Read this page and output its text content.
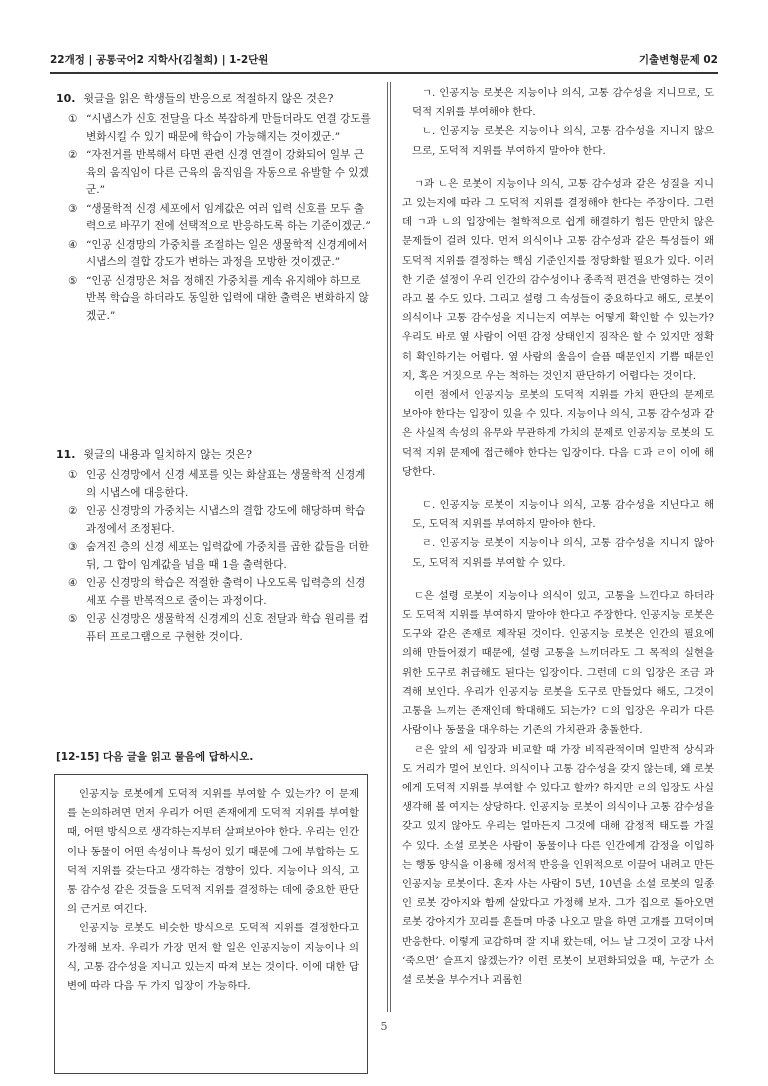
22개정 | 공통국어2 지학사(김철희) | 1-2단원	기출변형문제 02
10. 윗글을 읽은 학생들의 반응으로 적절하지 않은 것은?
① “시냅스가 신호 전달을 다소 복잡하게 만들더라도 연결 강도를 변화시킬 수 있기 때문에 학습이 가능해지는 것이겠군.”
② “자전거를 반복해서 타면 관련 신경 연결이 강화되어 일부 근육의 움직임이 다른 근육의 움직임을 자동으로 유발할 수 있겠군.”
③ “생물학적 신경 세포에서 임계값은 여러 입력 신호를 모두 출력으로 바꾸기 전에 선택적으로 반응하도록 하는 기준이겠군.”
④ “인공 신경망의 가중치를 조절하는 일은 생물학적 신경계에서 시냅스의 결합 강도가 변하는 과정을 모방한 것이겠군.”
⑤ “인공 신경망은 처음 정해진 가중치를 계속 유지해야 하므로 반복 학습을 하더라도 동일한 입력에 대한 출력은 변화하지 않겠군.”
11. 윗글의 내용과 일치하지 않는 것은?
① 인공 신경망에서 신경 세포를 잇는 화살표는 생물학적 신경계의 시냅스에 대응한다.
② 인공 신경망의 가중치는 시냅스의 결합 강도에 해당하며 학습 과정에서 조정된다.
③ 숨겨진 층의 신경 세포는 입력값에 가중치를 곱한 값들을 더한 뒤, 그 합이 임계값을 넘을 때 1을 출력한다.
④ 인공 신경망의 학습은 적절한 출력이 나오도록 입력층의 신경 세포 수를 반복적으로 줄이는 과정이다.
⑤ 인공 신경망은 생물학적 신경계의 신호 전달과 학습 원리를 컴퓨터 프로그램으로 구현한 것이다.
[12-15] 다음 글을 읽고 물음에 답하시오.

인공지능 로봇에게 도덕적 지위를 부여할 수 있는가? 이 문제를 논의하려면 먼저 우리가 어떤 존재에게 도덕적 지위를 부여할 때, 어떤 방식으로 생각하는지부터 살펴보아야 한다. 우리는 인간이나 동물이 어떤 속성이나 특성이 있기 때문에 그에 부합하는 도덕적 지위를 갖는다고 생각하는 경향이 있다. 지능이나 의식, 고통 감수성 같은 것들을 도덕적 지위를 결정하는 데에 중요한 판단의 근거로 여긴다.

인공지능 로봇도 비슷한 방식으로 도덕적 지위를 결정한다고 가정해 보자. 우리가 가장 먼저 할 일은 인공지능이 지능이나 의식, 고통 감수성을 지니고 있는지 따져 보는 것이다. 이에 대한 답변에 따라 다음 두 가지 입장이 가능하다.

ㄱ. 인공지능 로봇은 지능이나 의식, 고통 감수성을 지니므로, 도덕적 지위를 부여해야 한다.

ㄴ. 인공지능 로봇은 지능이나 의식, 고통 감수성을 지니지 않으므로, 도덕적 지위를 부여하지 말아야 한다.

ㄱ과 ㄴ은 로봇이 지능이나 의식, 고통 감수성과 같은 성질을 지니고 있는지에 따라 그 도덕적 지위를 결정해야 한다는 주장이다. 그런데 ㄱ과 ㄴ의 입장에는 철학적으로 쉽게 해결하기 힘든 만만치 않은 문제들이 걸려 있다. 먼저 의식이나 고통 감수성과 같은 특성들이 왜 도덕적 지위를 결정하는 핵심 기준인지를 정당화할 필요가 있다. 이러한 기준 설정이 우리 인간의 감수성이나 종족적 편견을 반영하는 것이라고 볼 수도 있다. 그리고 설령 그 속성들이 중요하다고 해도, 로봇이 의식이나 고통 감수성을 지니는지 여부는 어떻게 확인할 수 있는가? 우리도 바로 옆 사람이 어떤 감정 상태인지 짐작은 할 수 있지만 정확히 확인하기는 어렵다. 옆 사람의 울음이 슬픔 때문인지 기쁨 때문인지, 혹은 거짓으로 우는 척하는 것인지 판단하기 어렵다는 것이다.

이런 점에서 인공지능 로봇의 도덕적 지위를 가치 판단의 문제로 보아야 한다는 입장이 있을 수 있다. 지능이나 의식, 고통 감수성과 같은 사실적 속성의 유무와 무관하게 가치의 문제로 인공지능 로봇의 도덕적 지위 문제에 접근해야 한다는 입장이다. 다음 ㄷ과 ㄹ이 이에 해당한다.

ㄷ. 인공지능 로봇이 지능이나 의식, 고통 감수성을 지닌다고 해도, 도덕적 지위를 부여하지 말아야 한다.

ㄹ. 인공지능 로봇이 지능이나 의식, 고통 감수성을 지니지 않아도, 도덕적 지위를 부여할 수 있다.

ㄷ은 설령 로봇이 지능이나 의식이 있고, 고통을 느낀다고 하더라도 도덕적 지위를 부여하지 말아야 한다고 주장한다. 인공지능 로봇은 도구와 같은 존재로 제작된 것이다. 인공지능 로봇은 인간의 필요에 의해 만들어졌기 때문에, 설령 고통을 느끼더라도 그 목적의 실현을 위한 도구로 취급해도 된다는 입장이다. 그런데 ㄷ의 입장은 조금 과격해 보인다. 우리가 인공지능 로봇을 도구로 만들었다 해도, 그것이 고통을 느끼는 존재인데 학대해도 되는가? ㄷ의 입장은 우리가 다른 사람이나 동물을 대우하는 기존의 가치관과 충돌한다.

ㄹ은 앞의 세 입장과 비교할 때 가장 비직관적이며 일반적 상식과도 거리가 멀어 보인다. 의식이나 고통 감수성을 갖지 않는데, 왜 로봇에게 도덕적 지위를 부여할 수 있다고 할까? 하지만 ㄹ의 입장도 사실 생각해 볼 여지는 상당하다. 인공지능 로봇이 의식이나 고통 감수성을 갖고 있지 않아도 우리는 얼마든지 그것에 대해 감정적 태도를 가질 수 있다. 소셜 로봇은 사람이 동물이나 다른 인간에게 감정을 이입하는 행동 양식을 이용해 정서적 반응을 인위적으로 이끌어 내려고 만든 인공지능 로봇이다. 혼자 사는 사람이 5년, 10년을 소셜 로봇의 일종인 로봇 강아지와 함께 살았다고 가정해 보자. 그가 집으로 돌아오면 로봇 강아지가 꼬리를 흔들며 마중 나오고 말을 하면 고개를 끄덕이며 반응한다. 이렇게 교감하며 잘 지내 왔는데, 어느 날 그것이 고장 나서 ‘죽으면’ 슬프지 않겠는가? 이런 로봇이 보편화되었을 때, 누군가 소셜 로봇을 부수거나 괴롭힌

5
